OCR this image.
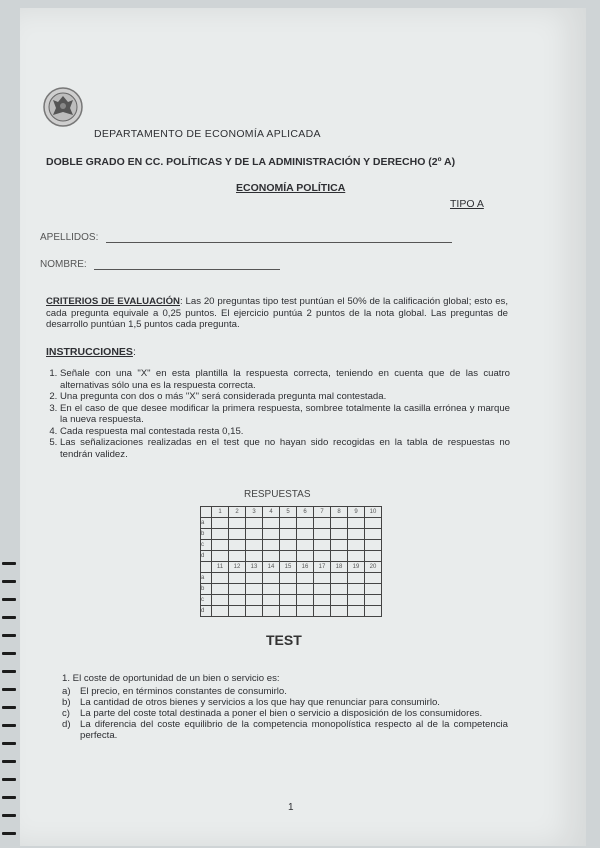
DEPARTAMENTO DE ECONOMÍA APLICADA
DOBLE GRADO EN CC. POLÍTICAS Y DE LA ADMINISTRACIÓN Y DERECHO (2º A)
ECONOMÍA POLÍTICA
TIPO A
APELLIDOS:
NOMBRE:
CRITERIOS DE EVALUACIÓN: Las 20 preguntas tipo test puntúan el 50% de la calificación global; esto es, cada pregunta equivale a 0,25 puntos. El ejercicio puntúa 2 puntos de la nota global. Las preguntas de desarrollo puntúan 1,5 puntos cada pregunta.
INSTRUCCIONES:
1. Señale con una "X" en esta plantilla la respuesta correcta, teniendo en cuenta que de las cuatro alternativas sólo una es la respuesta correcta.
2. Una pregunta con dos o más "X" será considerada pregunta mal contestada.
3. En el caso de que desee modificar la primera respuesta, sombree totalmente la casilla errónea y marque la nueva respuesta.
4. Cada respuesta mal contestada resta 0,15.
5. Las señalizaciones realizadas en el test que no hayan sido recogidas en la tabla de respuestas no tendrán validez.
RESPUESTAS
	1	2	3	4	5	6	7	8	9	10
a										
b										
c										
d										
	11	12	13	14	15	16	17	18	19	20
a										
b										
c										
d										
TEST
1. El coste de oportunidad de un bien o servicio es:
a) El precio, en términos constantes de consumirlo.
b) La cantidad de otros bienes y servicios a los que hay que renunciar para consumirlo.
c)	La parte del coste total destinada a poner el bien o servicio a disposición de los consumidores.
d) La diferencia del coste equilibrio de la competencia monopolística respecto al de la competencia perfecta.
1
